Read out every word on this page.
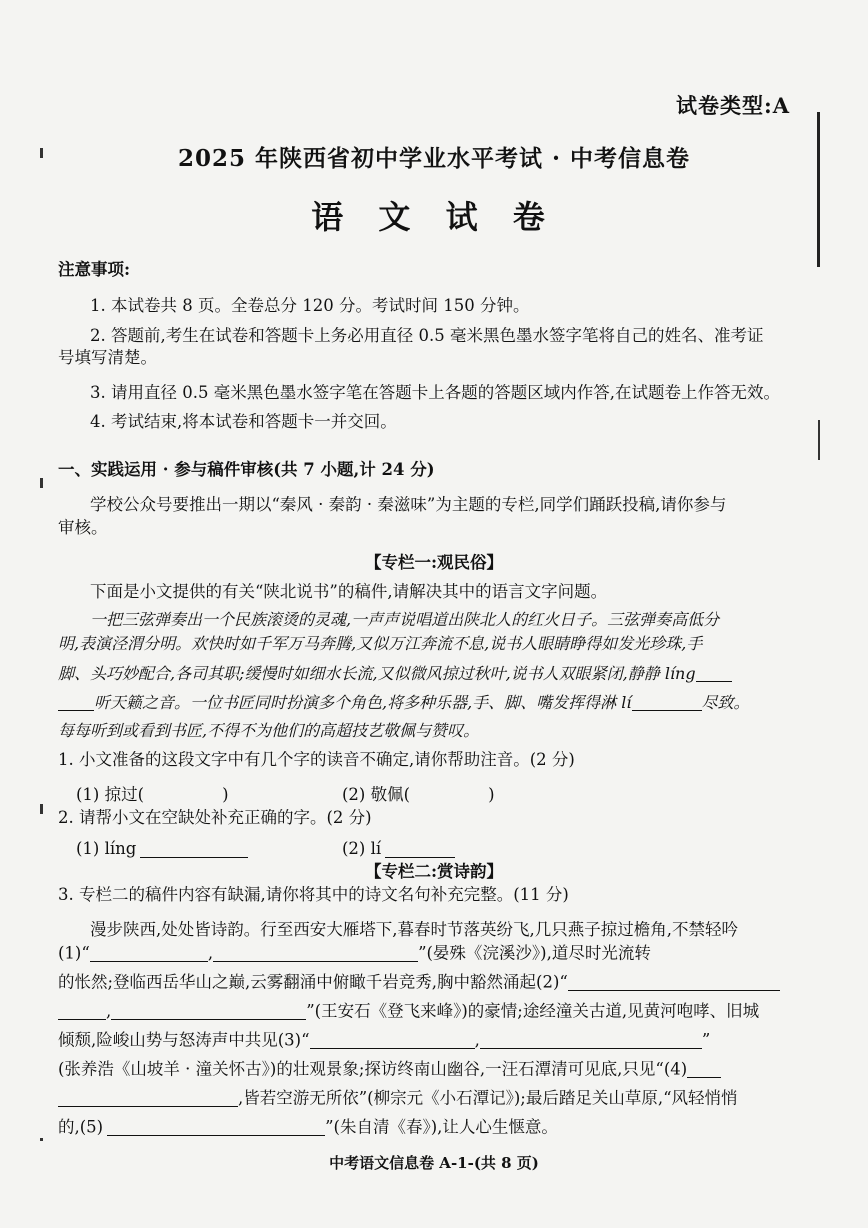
试卷类型:A
2025 年陕西省初中学业水平考试 · 中考信息卷
语 文 试 卷
注意事项:
1. 本试卷共 8 页。全卷总分 120 分。考试时间 150 分钟。
2. 答题前,考生在试卷和答题卡上务必用直径 0.5 毫米黑色墨水签字笔将自己的姓名、准考证
号填写清楚。
3. 请用直径 0.5 毫米黑色墨水签字笔在答题卡上各题的答题区域内作答,在试题卷上作答无效。
4. 考试结束,将本试卷和答题卡一并交回。
一、实践运用 · 参与稿件审核(共 7 小题,计 24 分)
学校公众号要推出一期以“秦风 · 秦韵 · 秦滋味”为主题的专栏,同学们踊跃投稿,请你参与
审核。
【专栏一:观民俗】
下面是小文提供的有关“陕北说书”的稿件,请解决其中的语言文字问题。
一把三弦弹奏出一个民族滚烫的灵魂,一声声说唱道出陕北人的红火日子。三弦弹奏高低分
明,表演泾渭分明。欢快时如千军万马奔腾,又似万江奔流不息,说书人眼睛睁得如发光珍珠,手
脚、头巧妙配合,各司其职;缓慢时如细水长流,又似微风掠过秋叶,说书人双眼紧闭,静静 líng
听天籁之音。一位书匠同时扮演多个角色,将多种乐器,手、脚、嘴发挥得淋 lí	尽致。
每每听到或看到书匠,不得不为他们的高超技艺敬佩与赞叹。
1. 小文准备的这段文字中有几个字的读音不确定,请你帮助注音。(2 分)
(1) 掠过(	)	(2) 敬佩(	)
2. 请帮小文在空缺处补充正确的字。(2 分)
(1) líng	(2) lí
【专栏二:赏诗韵】
3. 专栏二的稿件内容有缺漏,请你将其中的诗文名句补充完整。(11 分)
漫步陕西,处处皆诗韵。行至西安大雁塔下,暮春时节落英纷飞,几只燕子掠过檐角,不禁轻吟
(1)“	,	”(晏殊《浣溪沙》),道尽时光流转
的怅然;登临西岳华山之巅,云雾翻涌中俯瞰千岩竞秀,胸中豁然涌起(2)“
,	”(王安石《登飞来峰》)的豪情;途经潼关古道,见黄河咆哮、旧城
倾颓,险峻山势与怒涛声中共见(3)“	,	”
(张养浩《山坡羊 · 潼关怀古》)的壮观景象;探访终南山幽谷,一汪石潭清可见底,只见“(4)
,皆若空游无所依”(柳宗元《小石潭记》);最后踏足关山草原,“风轻悄悄
的,(5)	”(朱自清《春》),让人心生惬意。
中考语文信息卷 A-1-(共 8 页)
